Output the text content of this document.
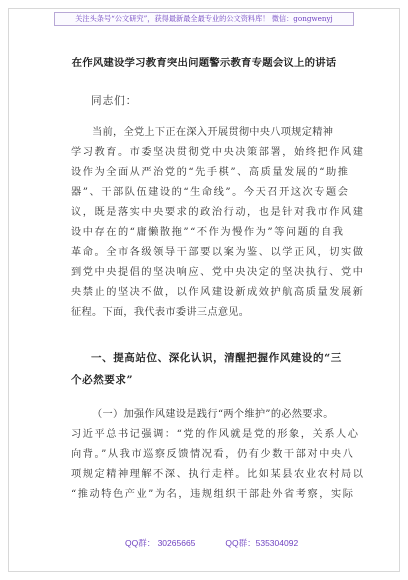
关注头条号“公文研究”，获得最新最全最专业的公文资料库！ 微信：gongwenyj
在作风建设学习教育突出问题警示教育专题会议上的讲话
同志们：
当前，全党上下正在深入开展贯彻中央八项规定精神
学习教育。市委坚决贯彻党中央决策部署，始终把作风建
设作为全面从严治党的“先手棋”、高质量发展的“助推
器”、干部队伍建设的“生命线”。今天召开这次专题会
议，既是落实中央要求的政治行动，也是针对我市作风建
设中存在的“庸懒散拖”“不作为慢作为”等问题的自我
革命。全市各级领导干部要以案为鉴、以学正风，切实做
到党中央提倡的坚决响应、党中央决定的坚决执行、党中
央禁止的坚决不做，以作风建设新成效护航高质量发展新
征程。下面，我代表市委讲三点意见。
一、提高站位、深化认识，清醒把握作风建设的“三
个必然要求”
（一）加强作风建设是践行“两个维护”的必然要求。
习近平总书记强调：“党的作风就是党的形象，关系人心
向背。”从我市巡察反馈情况看，仍有少数干部对中央八
项规定精神理解不深、执行走样。比如某县农业农村局以
“推动特色产业”为名，违规组织干部赴外省考察，实际
QQ群： 30265665	QQ群：535304092
